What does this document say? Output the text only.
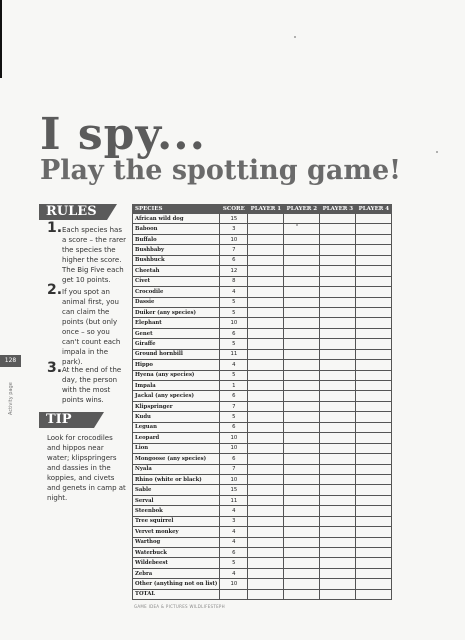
I spy...
Play the spotting game!
RULES
1. Each species has a score – the rarer the species the higher the score. The Big Five each get 10 points.
2. If you spot an animal first, you can claim the points (but only once – so you can't count each impala in the park).
3. At the end of the day, the person with the most points wins.
128
Activity page
TIP
Look for crocodiles and hippos near water; klipspringers and dassies in the koppies, and civets and genets in camp at night.
SPECIES	SCORE	PLAYER 1	PLAYER 2	PLAYER 3	PLAYER 4
African wild dog	15				
Baboon	3				
Buffalo	10				
Bushbaby	7				
Bushbuck	6				
Cheetah	12				
Civet	8				
Crocodile	4				
Dassie	5				
Duiker (any species)	5				
Elephant	10				
Genet	6				
Giraffe	5				
Ground hornbill	11				
Hippo	4				
Hyena (any species)	5				
Impala	1				
Jackal (any species)	6				
Klipspringer	7				
Kudu	5				
Leguan	6				
Leopard	10				
Lion	10				
Mongoose (any species)	6				
Nyala	7				
Rhino (white or black)	10				
Sable	15				
Serval	11				
Steenbok	4				
Tree squirrel	3				
Vervet monkey	4				
Warthog	4				
Waterbuck	6				
Wildebeest	5				
Zebra	4				
Other (anything not on list)	10				
TOTAL					
GAME IDEA & PICTURES WILDLIFESTEPH
